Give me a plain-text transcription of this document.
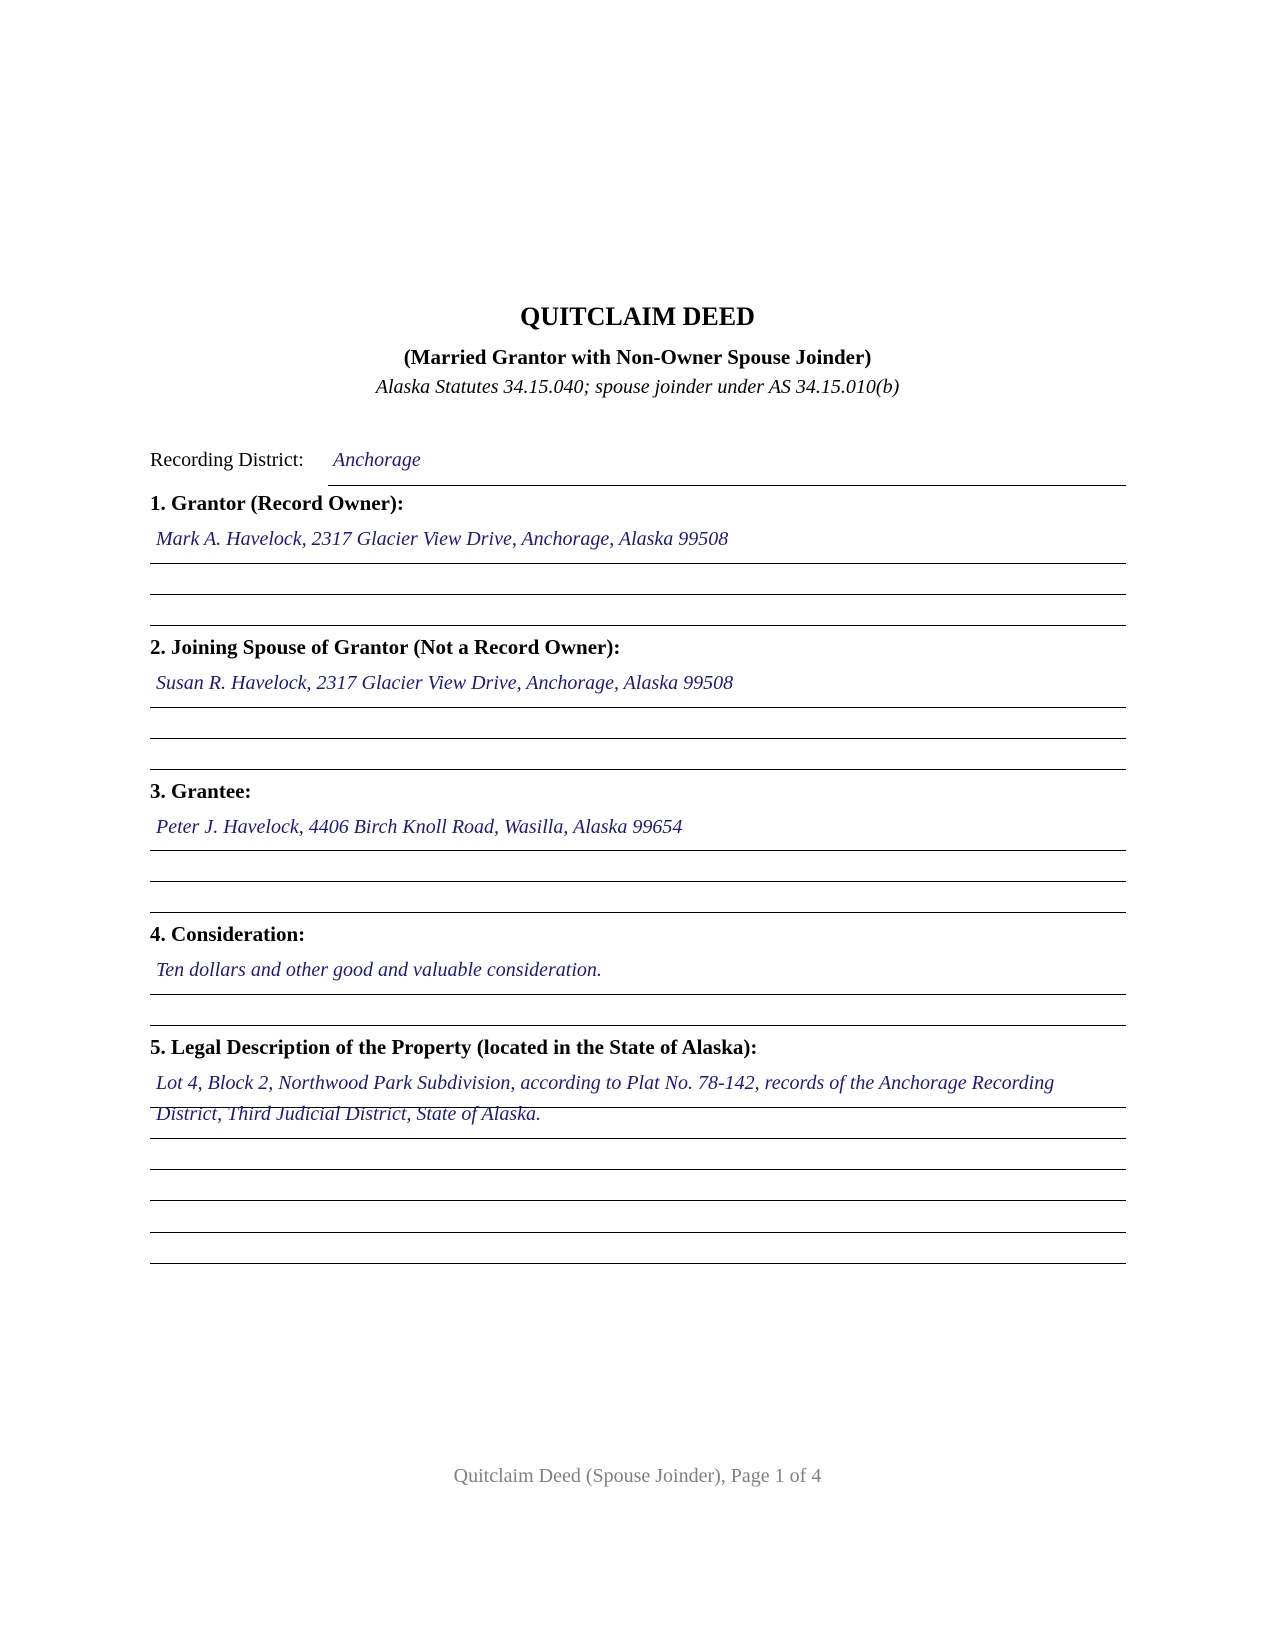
QUITCLAIM DEED
(Married Grantor with Non-Owner Spouse Joinder)
Alaska Statutes 34.15.040; spouse joinder under AS 34.15.010(b)
Recording District: Anchorage
1. Grantor (Record Owner):
Mark A. Havelock, 2317 Glacier View Drive, Anchorage, Alaska 99508
2. Joining Spouse of Grantor (Not a Record Owner):
Susan R. Havelock, 2317 Glacier View Drive, Anchorage, Alaska 99508
3. Grantee:
Peter J. Havelock, 4406 Birch Knoll Road, Wasilla, Alaska 99654
4. Consideration:
Ten dollars and other good and valuable consideration.
5. Legal Description of the Property (located in the State of Alaska):
Lot 4, Block 2, Northwood Park Subdivision, according to Plat No. 78-142, records of the Anchorage Recording
District, Third Judicial District, State of Alaska.
Quitclaim Deed (Spouse Joinder), Page 1 of 4
